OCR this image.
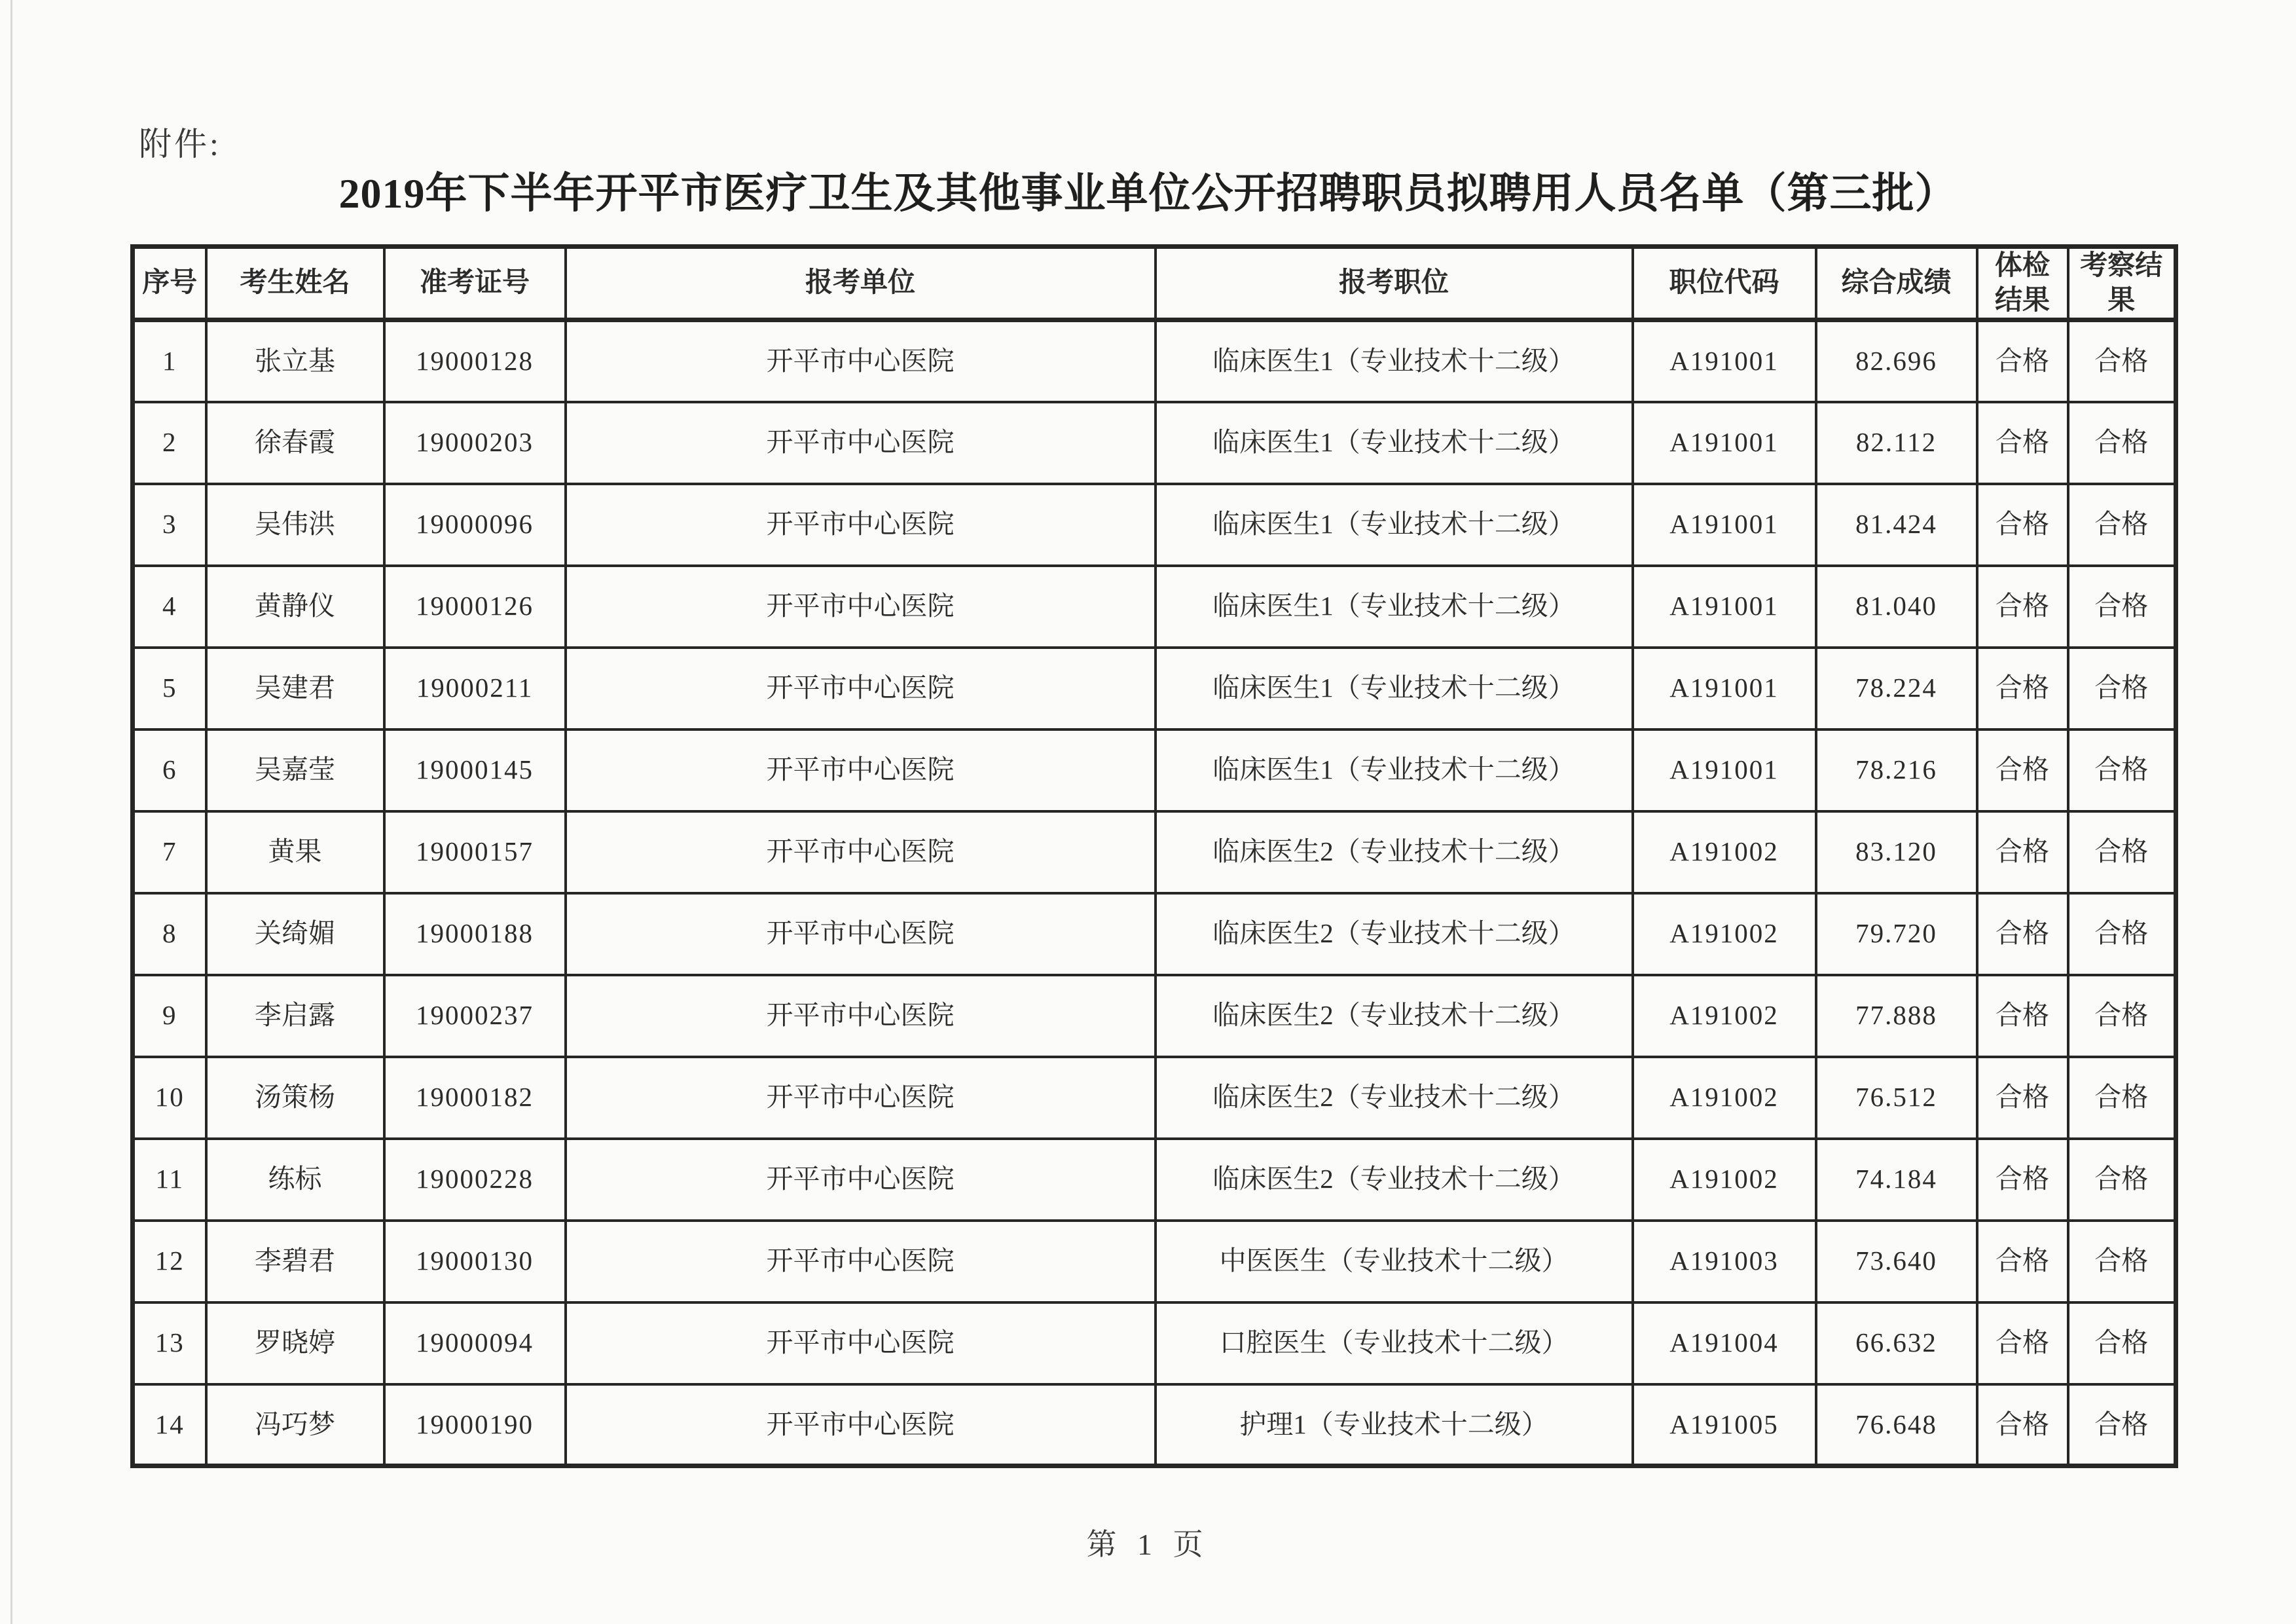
附件:
2019年下半年开平市医疗卫生及其他事业单位公开招聘职员拟聘用人员名单（第三批）
序号	考生姓名	准考证号	报考单位	报考职位	职位代码	综合成绩	体检结果	考察结果
1	张立基	19000128	开平市中心医院	临床医生1（专业技术十二级）	A191001	82.696	合格	合格
2	徐春霞	19000203	开平市中心医院	临床医生1（专业技术十二级）	A191001	82.112	合格	合格
3	吴伟洪	19000096	开平市中心医院	临床医生1（专业技术十二级）	A191001	81.424	合格	合格
4	黄静仪	19000126	开平市中心医院	临床医生1（专业技术十二级）	A191001	81.040	合格	合格
5	吴建君	19000211	开平市中心医院	临床医生1（专业技术十二级）	A191001	78.224	合格	合格
6	吴嘉莹	19000145	开平市中心医院	临床医生1（专业技术十二级）	A191001	78.216	合格	合格
7	黄果	19000157	开平市中心医院	临床医生2（专业技术十二级）	A191002	83.120	合格	合格
8	关绮媚	19000188	开平市中心医院	临床医生2（专业技术十二级）	A191002	79.720	合格	合格
9	李启露	19000237	开平市中心医院	临床医生2（专业技术十二级）	A191002	77.888	合格	合格
10	汤策杨	19000182	开平市中心医院	临床医生2（专业技术十二级）	A191002	76.512	合格	合格
11	练标	19000228	开平市中心医院	临床医生2（专业技术十二级）	A191002	74.184	合格	合格
12	李碧君	19000130	开平市中心医院	中医医生（专业技术十二级）	A191003	73.640	合格	合格
13	罗晓婷	19000094	开平市中心医院	口腔医生（专业技术十二级）	A191004	66.632	合格	合格
14	冯巧梦	19000190	开平市中心医院	护理1（专业技术十二级）	A191005	76.648	合格	合格
第 1 页
